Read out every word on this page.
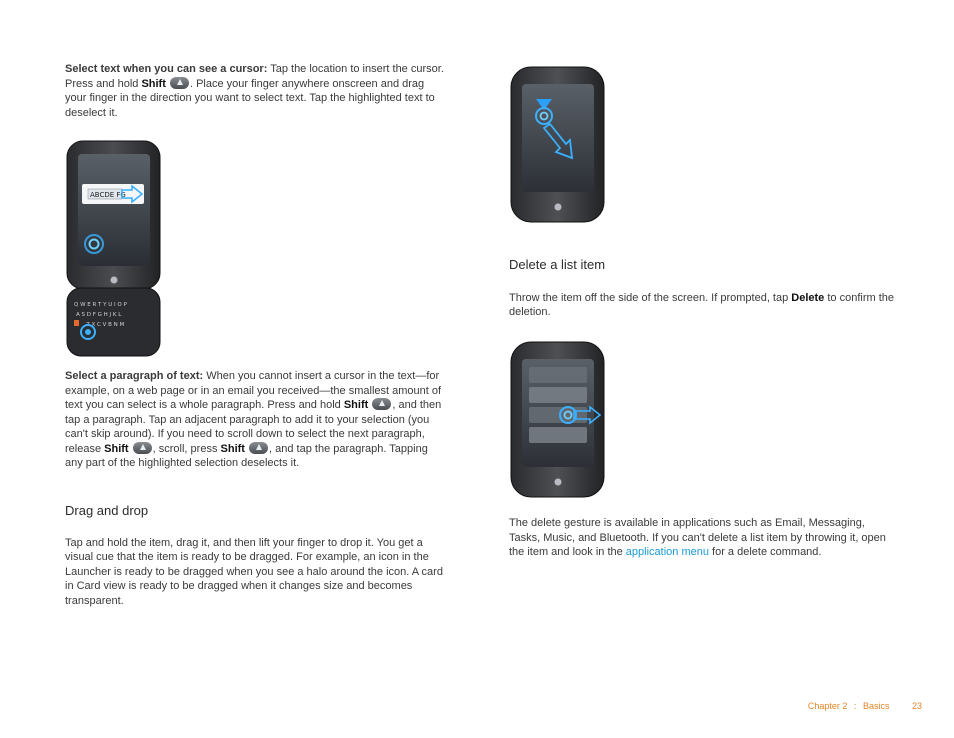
Select text when you can see a cursor: Tap the location to insert the cursor. Press and hold Shift . Place your finger anywhere onscreen and drag your finger in the direction you want to select text. Tap the highlighted text to deselect it.

ABCDE FG
Q W E R T Y U I O P
A S D F G H J K L
Z X C V B N M

Select a paragraph of text: When you cannot insert a cursor in the text—for example, on a web page or in an email you received—the smallest amount of text you can select is a whole paragraph. Press and hold Shift , and then tap a paragraph. Tap an adjacent paragraph to add it to your selection (you can't skip around). If you need to scroll down to select the next paragraph, release Shift , scroll, press Shift , and tap the paragraph. Tapping any part of the highlighted selection deselects it.

Drag and drop

Tap and hold the item, drag it, and then lift your finger to drop it. You get a visual cue that the item is ready to be dragged. For example, an icon in the Launcher is ready to be dragged when you see a halo around the icon. A card in Card view is ready to be dragged when it changes size and becomes transparent.

Delete a list item

Throw the item off the side of the screen. If prompted, tap Delete to confirm the deletion.

The delete gesture is available in applications such as Email, Messaging, Tasks, Music, and Bluetooth. If you can't delete a list item by throwing it, open the item and look in the application menu for a delete command.

Chapter 2 : Basics	23
